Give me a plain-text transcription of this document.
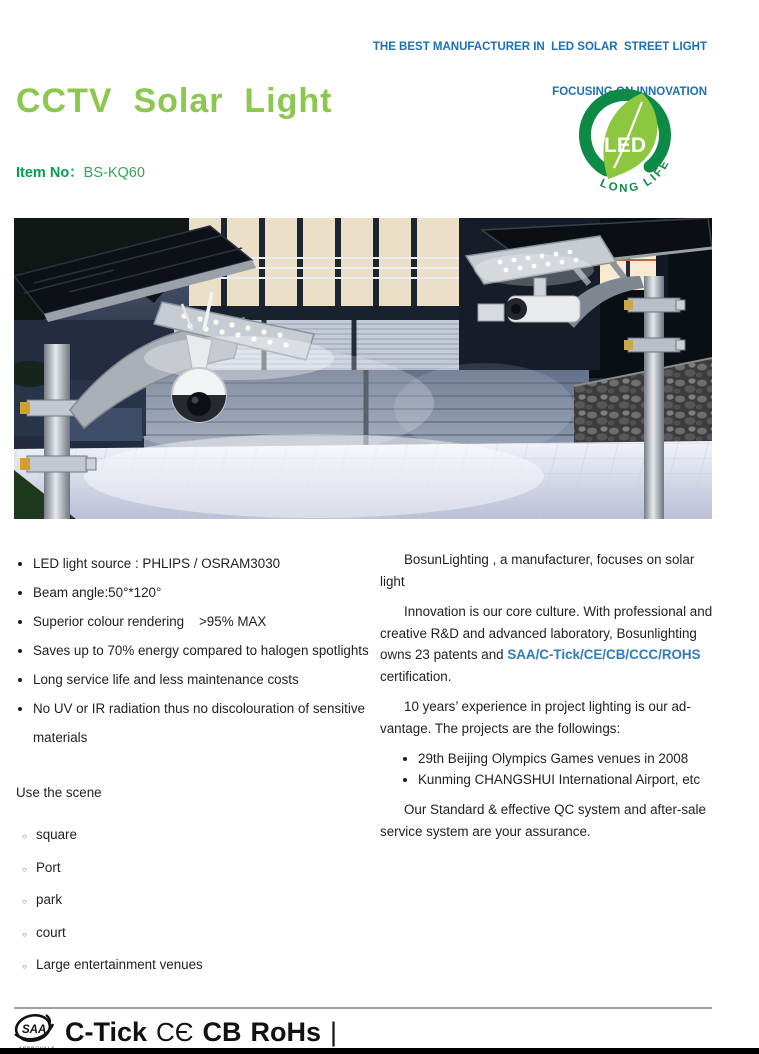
THE BEST MANUFACTURER IN  LED SOLAR  STREET LIGHT

FOCUSING ON INNOVATION

CCTV  Solar  Light
Item No：BS-KQ60
LED
LONG LIFE
• LED light source : PHLIPS / OSRAM3030
• Beam angle:50°*120°
• Superior colour rendering    >95% MAX
• Saves up to 70% energy compared to halogen spotlights
• Long service life and less maintenance costs
• No UV or IR radiation thus no discolouration of sensitive materials
Use the scene
○ square
○ Port
○ park
○ court
○ Large entertainment venues

BosunLighting , a manufacturer, focuses on solar
light

Innovation is our core culture. With professional and
creative R&D and advanced laboratory, Bosunlighting
owns 23 patents and SAA/C-Tick/CE/CB/CCC/ROHS
certification.

10 years’ experience in project lighting is our ad-
vantage. The projects are the followings:

• 29th Beijing Olympics Games venues in 2008
• Kunming CHANGSHUI International Airport, etc

Our Standard & effective QC system and after-sale
service system are your assurance.

SAA C-Tick CЄ CB RoHs |
